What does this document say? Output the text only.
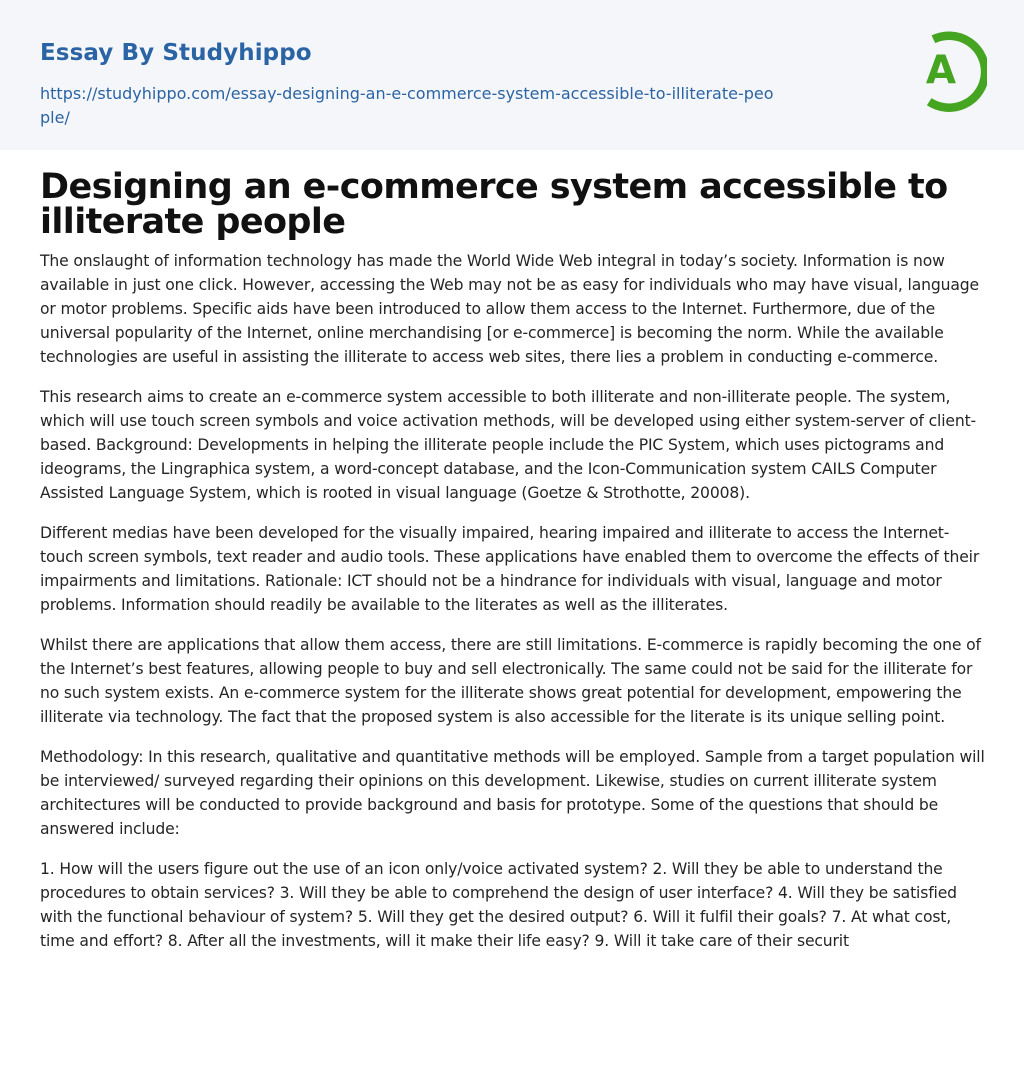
Essay By Studyhippo
https://studyhippo.com/essay-designing-an-e-commerce-system-accessible-to-illiterate-people/
A
Designing an e-commerce system accessible to illiterate people

The onslaught of information technology has made the World Wide Web integral in today’s society. Information is now available in just one click. However, accessing the Web may not be as easy for individuals who may have visual, language or motor problems. Specific aids have been introduced to allow them access to the Internet. Furthermore, due of the universal popularity of the Internet, online merchandising [or e-commerce] is becoming the norm. While the available technologies are useful in assisting the illiterate to access web sites, there lies a problem in conducting e-commerce.

This research aims to create an e-commerce system accessible to both illiterate and non-illiterate people. The system, which will use touch screen symbols and voice activation methods, will be developed using either system-server of client-based. Background: Developments in helping the illiterate people include the PIC System, which uses pictograms and ideograms, the Lingraphica system, a word-concept database, and the Icon-Communication system CAILS Computer Assisted Language System, which is rooted in visual language (Goetze & Strothotte, 20008).

Different medias have been developed for the visually impaired, hearing impaired and illiterate to access the Internet- touch screen symbols, text reader and audio tools. These applications have enabled them to overcome the effects of their impairments and limitations. Rationale: ICT should not be a hindrance for individuals with visual, language and motor problems. Information should readily be available to the literates as well as the illiterates.

Whilst there are applications that allow them access, there are still limitations. E-commerce is rapidly becoming the one of the Internet’s best features, allowing people to buy and sell electronically. The same could not be said for the illiterate for no such system exists. An e-commerce system for the illiterate shows great potential for development, empowering the illiterate via technology. The fact that the proposed system is also accessible for the literate is its unique selling point.

Methodology: In this research, qualitative and quantitative methods will be employed. Sample from a target population will be interviewed/ surveyed regarding their opinions on this development. Likewise, studies on current illiterate system architectures will be conducted to provide background and basis for prototype. Some of the questions that should be answered include:

1. How will the users figure out the use of an icon only/voice activated system? 2. Will they be able to understand the procedures to obtain services? 3. Will they be able to comprehend the design of user interface? 4. Will they be satisfied with the functional behaviour of system? 5. Will they get the desired output? 6. Will it fulfil their goals? 7. At what cost, time and effort? 8. After all the investments, will it make their life easy? 9. Will it take care of their securit
